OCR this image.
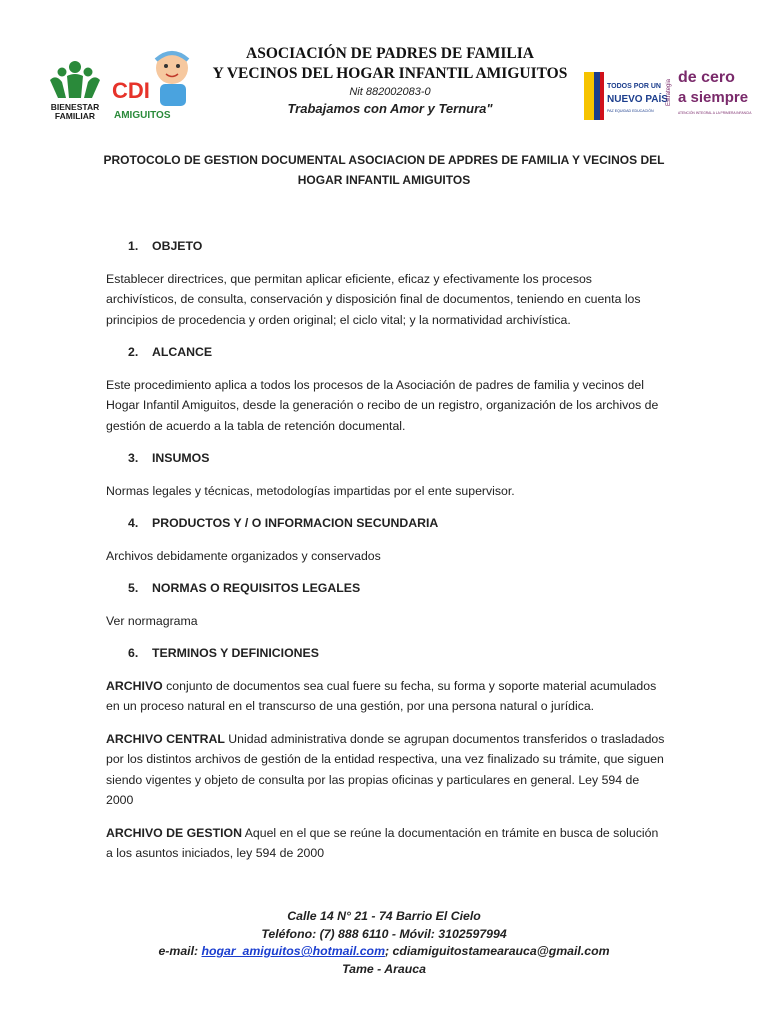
BIENESTAR
FAMILIAR
CDI
AMIGUITOS
ASOCIACIÓN DE PADRES DE FAMILIA
Y VECINOS DEL HOGAR INFANTIL AMIGUITOS
Nit 882002083-0
Trabajamos con Amor y Ternura"
TODOS POR UN
NUEVO PAÍS
PAZ EQUIDAD EDUCACIÓN
Estrategia
de cero
a siempre
ATENCIÓN INTEGRAL A LA PRIMERA INFANCIA
PROTOCOLO DE GESTION DOCUMENTAL ASOCIACION DE APDRES DE FAMILIA Y VECINOS DEL
HOGAR INFANTIL AMIGUITOS
1. OBJETO
Establecer directrices, que permitan aplicar eficiente, eficaz y efectivamente los procesos archivísticos, de consulta, conservación y disposición final de documentos, teniendo en cuenta los principios de procedencia y orden original; el ciclo vital; y la normatividad archivística.
2. ALCANCE
Este procedimiento aplica a todos los procesos de la Asociación de padres de familia y vecinos del Hogar Infantil Amiguitos, desde la generación o recibo de un registro, organización de los archivos de gestión de acuerdo a la tabla de retención documental.
3. INSUMOS
Normas legales y técnicas, metodologías impartidas por el ente supervisor.
4. PRODUCTOS Y / O INFORMACION SECUNDARIA
Archivos debidamente organizados y conservados
5. NORMAS O REQUISITOS LEGALES
Ver normagrama
6. TERMINOS Y DEFINICIONES
ARCHIVO conjunto de documentos sea cual fuere su fecha, su forma y soporte material acumulados en un proceso natural en el transcurso de una gestión, por una persona natural o jurídica.
ARCHIVO CENTRAL Unidad administrativa donde se agrupan documentos transferidos o trasladados por los distintos archivos de gestión de la entidad respectiva, una vez finalizado su trámite, que siguen siendo vigentes y objeto de consulta por las propias oficinas y particulares en general. Ley 594 de 2000
ARCHIVO DE GESTION Aquel en el que se reúne la documentación en trámite en busca de solución a los asuntos iniciados, ley 594 de 2000
Calle 14 N° 21 - 74 Barrio El Cielo
Teléfono: (7) 888 6110 - Móvil: 3102597994
e-mail: hogar_amiguitos@hotmail.com; cdiamiguitostamearauca@gmail.com
Tame - Arauca
